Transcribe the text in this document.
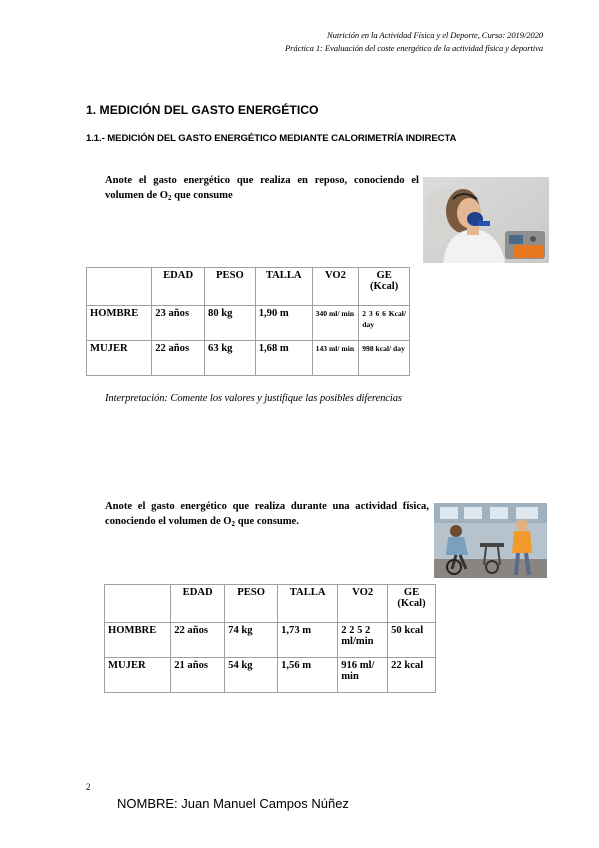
Nutrición en la Actividad Física y el Deporte, Curso: 2019/2020
Práctica 1: Evaluación del coste energético de la actividad física y deportiva
1. MEDICIÓN DEL GASTO ENERGÉTICO
1.1.- MEDICIÓN DEL GASTO ENERGÉTICO MEDIANTE CALORIMETRÍA INDIRECTA
Anote el gasto energético que realiza en reposo, conociendo el volumen de $O_2$ que consume
	EDAD	PESO	TALLA	VO2	GE (Kcal)
HOMBRE	23 años	80 kg	1,90 m	340 ml/ min	2 3 6 6 Kcal/ day
MUJER	22 años	63 kg	1,68 m	143 ml/ min	998 kcal/ day
Interpretación: Comente los valores y justifique las posibles diferencias
Anote el gasto energético que realiza durante una actividad física, conociendo el volumen de $O_2$ que consume.
	EDAD	PESO	TALLA	VO2	GE (Kcal)
HOMBRE	22 años	74 kg	1,73 m	2 2 5 2 ml/min	50 kcal
MUJER	21 años	54 kg	1,56 m	916 ml/ min	22 kcal
2
NOMBRE: Juan Manuel Campos Núñez
